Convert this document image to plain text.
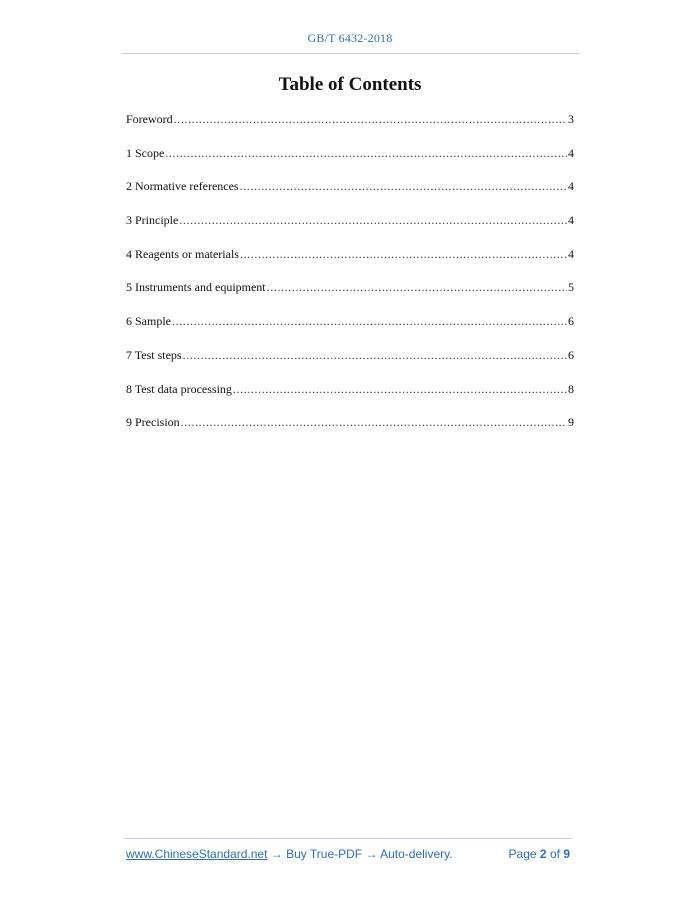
GB/T 6432-2018
Table of Contents
Foreword .....	3
1 Scope .....	4
2 Normative references .....	4
3 Principle .....	4
4 Reagents or materials .....	4
5 Instruments and equipment .....	5
6 Sample .....	6
7 Test steps .....	6
8 Test data processing .....	8
9 Precision .....	9
www.ChineseStandard.net → Buy True-PDF → Auto-delivery.	Page 2 of 9
